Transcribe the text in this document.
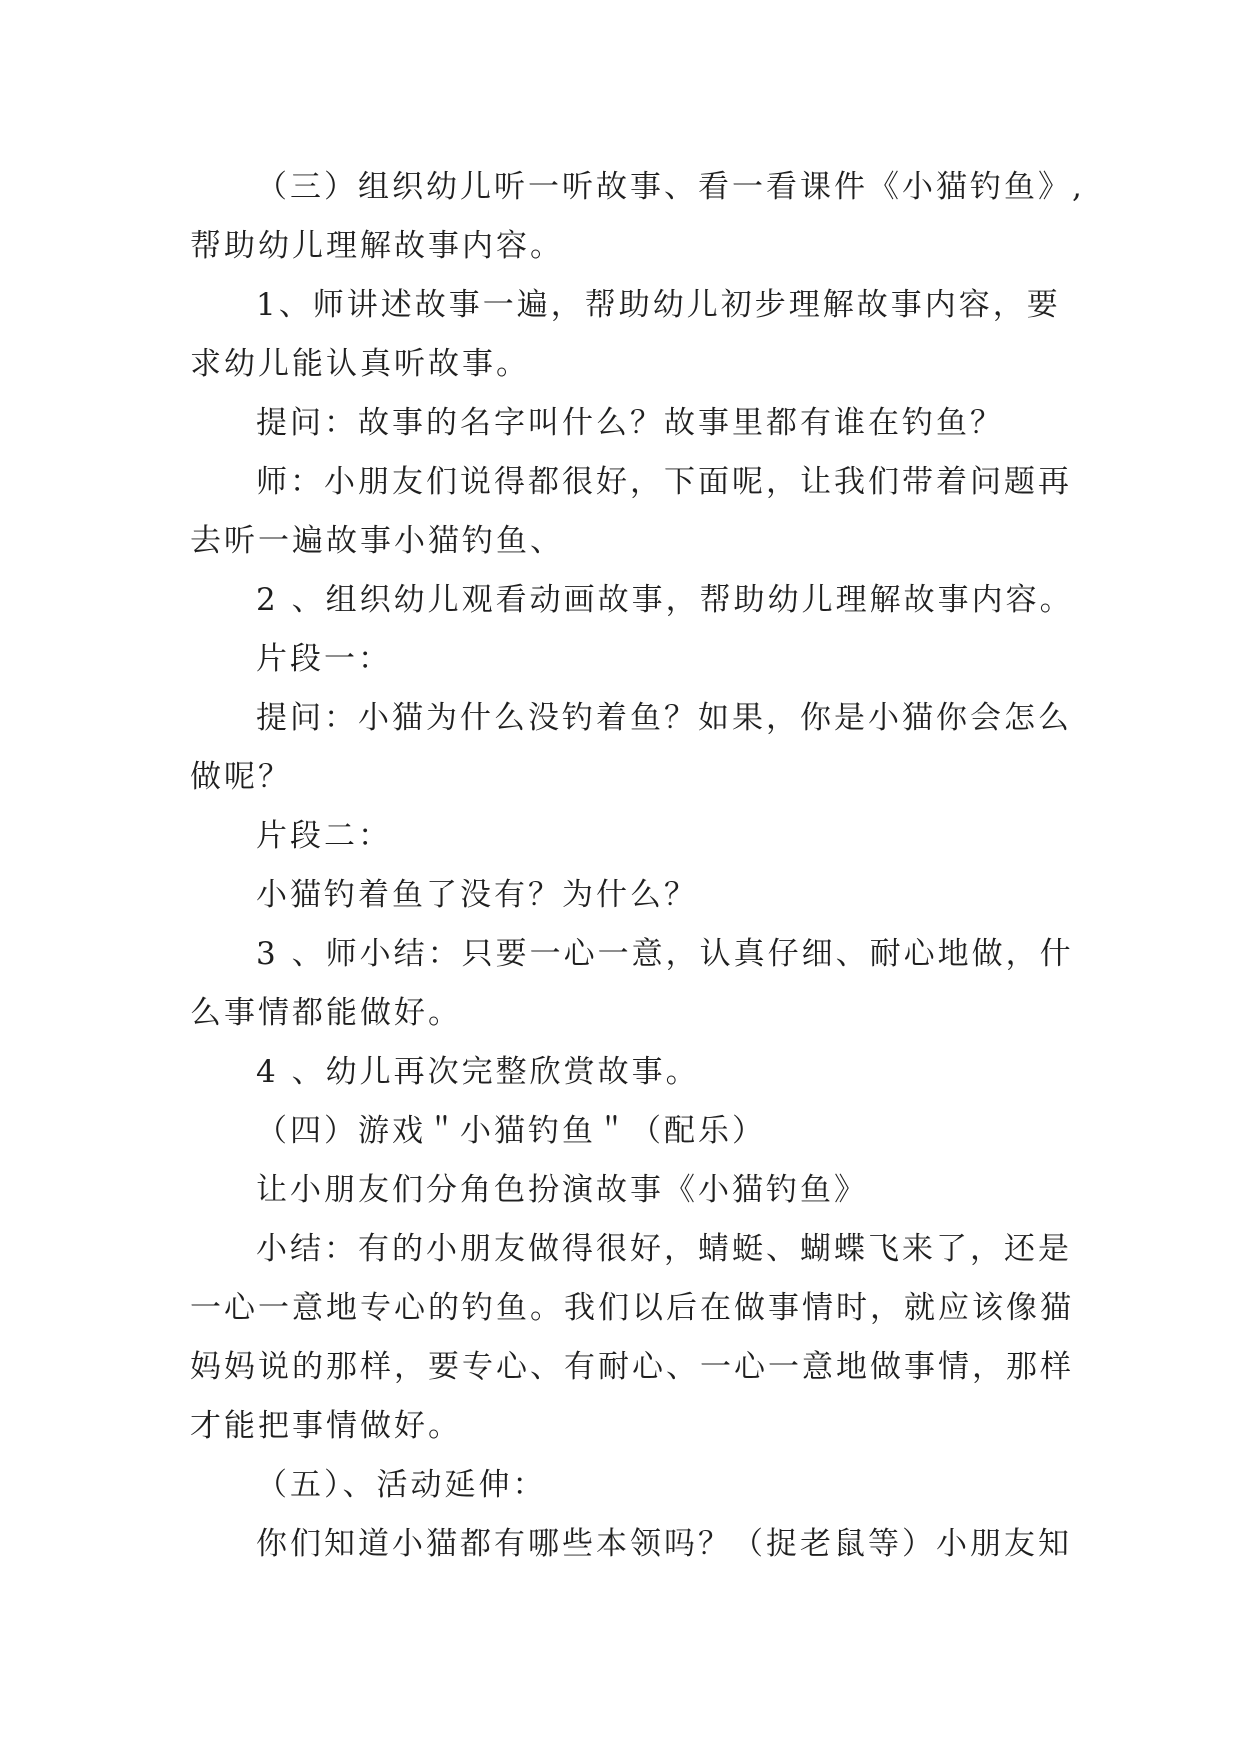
（三）组织幼儿听一听故事、看一看课件《小猫钓鱼》,
帮助幼儿理解故事内容。
1、师讲述故事一遍，帮助幼儿初步理解故事内容，要
求幼儿能认真听故事。
提问：故事的名字叫什么？故事里都有谁在钓鱼？
师：小朋友们说得都很好，下面呢，让我们带着问题再
去听一遍故事小猫钓鱼、
2 、组织幼儿观看动画故事，帮助幼儿理解故事内容。
片段一：
提问：小猫为什么没钓着鱼？如果，你是小猫你会怎么
做呢？
片段二：
小猫钓着鱼了没有？为什么？
3 、师小结：只要一心一意，认真仔细、耐心地做，什
么事情都能做好。
4 、幼儿再次完整欣赏故事。
（四）游戏＂小猫钓鱼＂（配乐）
让小朋友们分角色扮演故事《小猫钓鱼》
小结：有的小朋友做得很好，蜻蜓、蝴蝶飞来了，还是
一心一意地专心的钓鱼。我们以后在做事情时，就应该像猫
妈妈说的那样，要专心、有耐心、一心一意地做事情，那样
才能把事情做好。
（五）、活动延伸：
你们知道小猫都有哪些本领吗？（捉老鼠等）小朋友知
